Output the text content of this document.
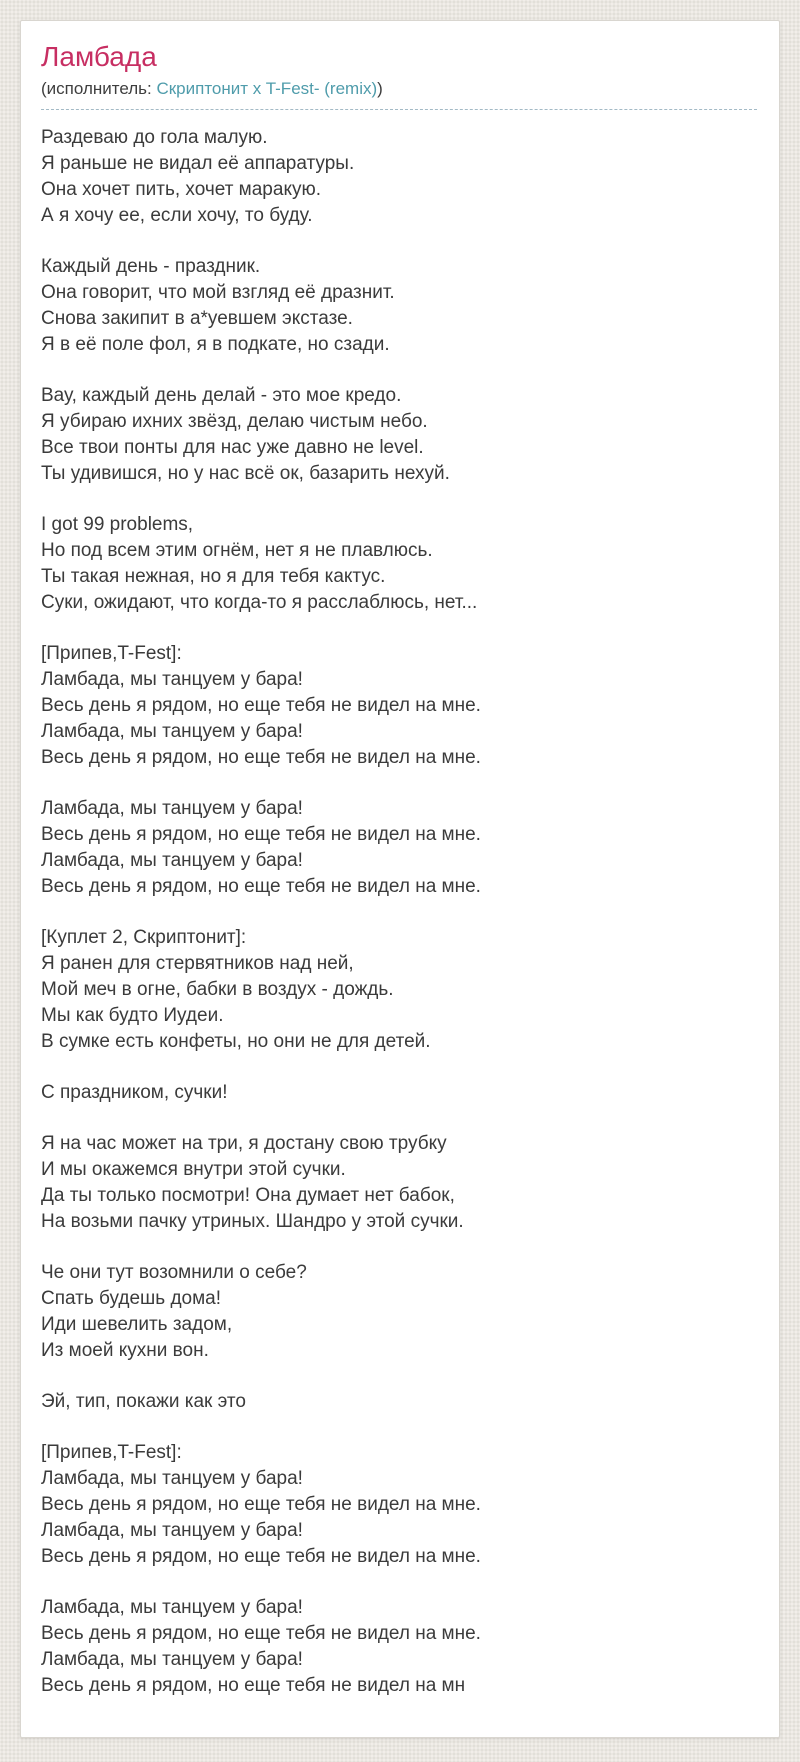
Ламбада
(исполнитель: Скриптонит x T-Fest- (remix))

Раздеваю до гола малую.
Я раньше не видал её аппаратуры.
Она хочет пить, хочет маракую.
А я хочу ее, если хочу, то буду.

Каждый день - праздник.
Она говорит, что мой взгляд её дразнит.
Снова закипит в а*уевшем экстазе.
Я в её поле фол, я в подкате, но сзади.

Вау, каждый день делай - это мое кредо.
Я убираю ихних звёзд, делаю чистым небо.
Все твои понты для нас уже давно не level.
Ты удивишся, но у нас всё ок, базарить нехуй.

I got 99 problems,
Но под всем этим огнём, нет я не плавлюсь.
Ты такая нежная, но я для тебя кактус.
Суки, ожидают, что когда-то я расслаблюсь, нет...

[Припев,T-Fest]:
Ламбада, мы танцуем у бара!
Весь день я рядом, но еще тебя не видел на мне.
Ламбада, мы танцуем у бара!
Весь день я рядом, но еще тебя не видел на мне.

Ламбада, мы танцуем у бара!
Весь день я рядом, но еще тебя не видел на мне.
Ламбада, мы танцуем у бара!
Весь день я рядом, но еще тебя не видел на мне.

[Куплет 2, Скриптонит]:
Я ранен для стервятников над ней,
Мой меч в огне, бабки в воздух - дождь.
Мы как будто Иудеи.
В сумке есть конфеты, но они не для детей.

С праздником, сучки!

Я на час может на три, я достану свою трубку
И мы окажемся внутри этой сучки.
Да ты только посмотри! Она думает нет бабок,
На возьми пачку утриных. Шандро у этой сучки.

Че они тут возомнили о себе?
Спать будешь дома!
Иди шевелить задом,
Из моей кухни вон.

Эй, тип, покажи как это

[Припев,T-Fest]:
Ламбада, мы танцуем у бара!
Весь день я рядом, но еще тебя не видел на мне.
Ламбада, мы танцуем у бара!
Весь день я рядом, но еще тебя не видел на мне.

Ламбада, мы танцуем у бара!
Весь день я рядом, но еще тебя не видел на мне.
Ламбада, мы танцуем у бара!
Весь день я рядом, но еще тебя не видел на мн
